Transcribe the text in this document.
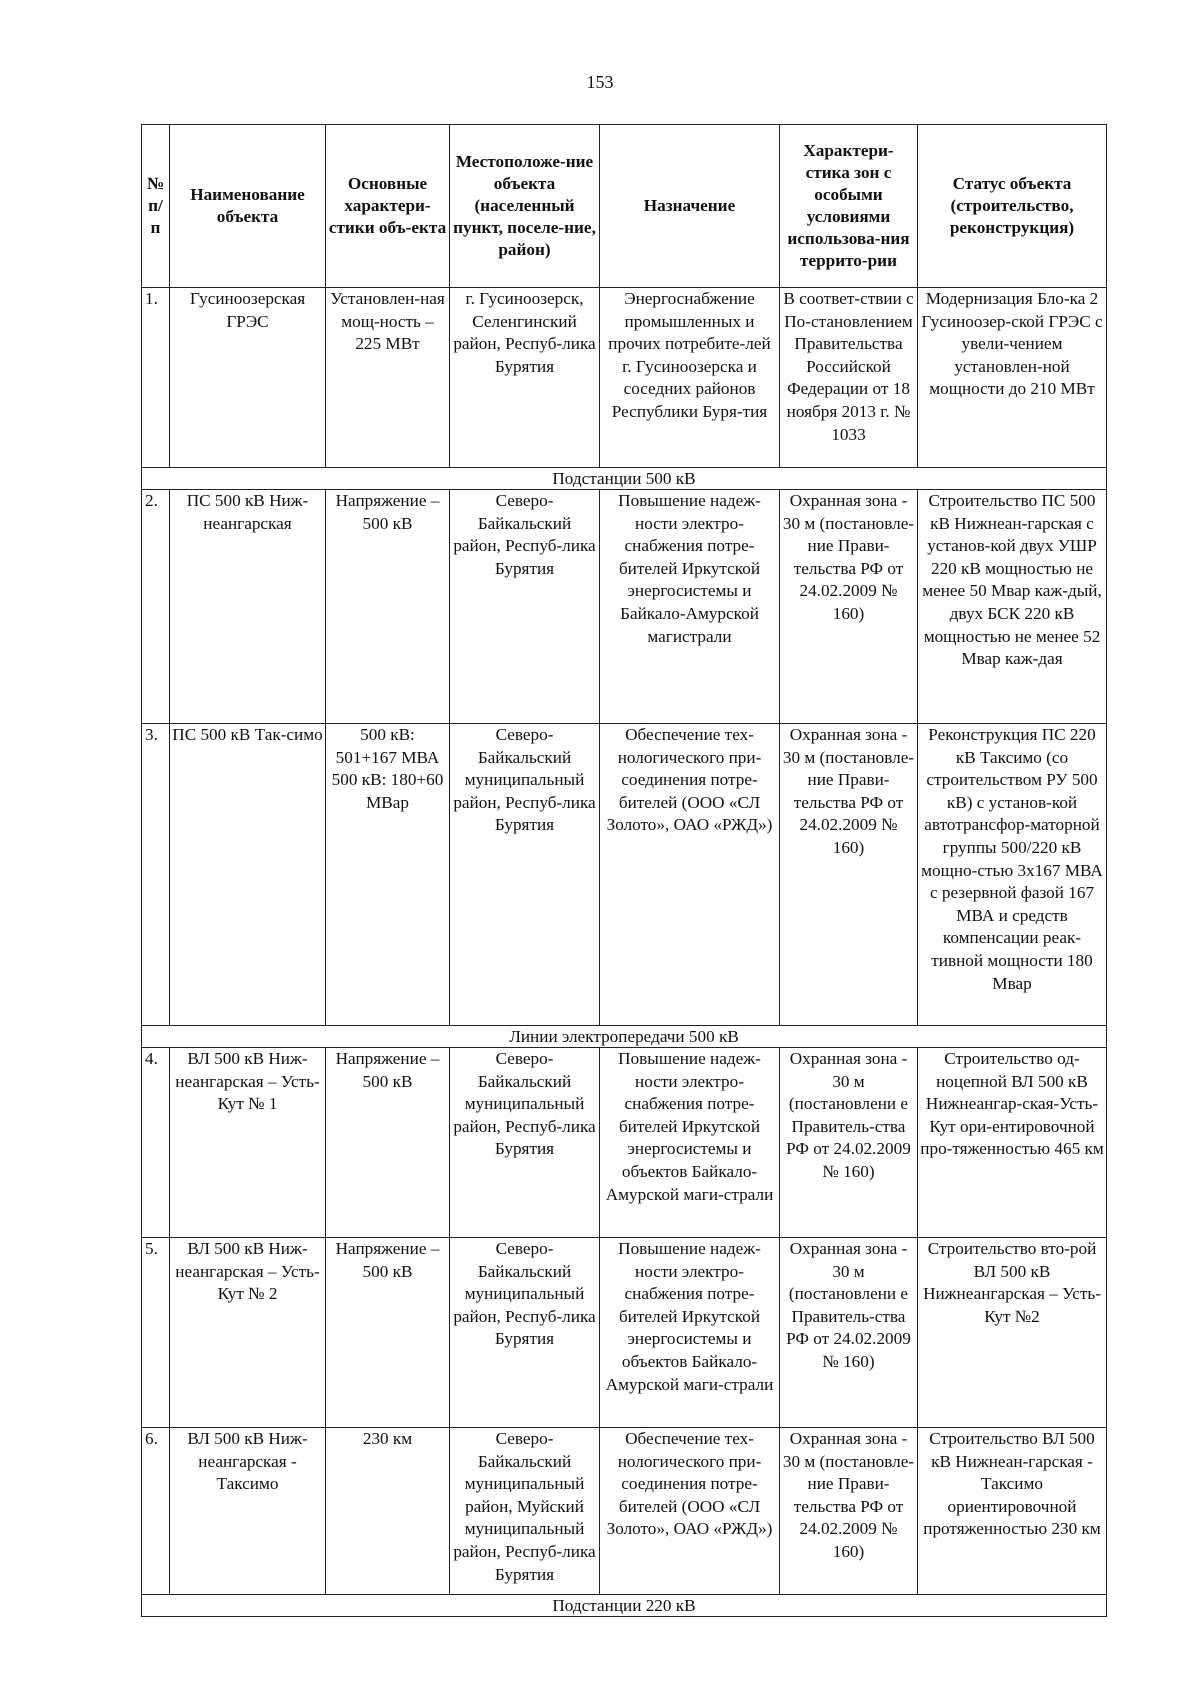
153
№
п/
п	Наименование объекта	Основные характери-стики объ-екта	Местоположе-ние объекта (населенный пункт, поселе-ние, район)	Назначение	Характери-стика зон с особыми условиями использова-ния террито-рии	Статус объекта (строительство, реконструкция)
1.	Гусиноозерская ГРЭС	Установлен-ная мощ-ность – 225 МВт	г. Гусиноозерск, Селенгинский район, Респуб-лика Бурятия	Энергоснабжение промышленных и прочих потребите-лей г. Гусиноозерска и соседних районов Республики Буря-тия	В соответ-ствии с По-становлением Правительства Российской Федерации от 18 ноября 2013 г. № 1033	Модернизация Бло-ка 2 Гусиноозер-ской ГРЭС с увели-чением установлен-ной мощности до 210 МВт
Подстанции 500 кВ						
2.	ПС 500 кВ Ниж-неангарская	Напряжение – 500 кВ	Северо-Байкальский район, Респуб-лика Бурятия	Повышение надеж-ности электро-снабжения потре-бителей Иркутской энергосистемы и Байкало-Амурской магистрали	Охранная зона - 30 м (постановле-ние Прави-тельства РФ от 24.02.2009 № 160)	Строительство ПС 500 кВ Нижнеан-гарская с установ-кой двух УШР 220 кВ мощностью не менее 50 Мвар каж-дый, двух БСК 220 кВ мощностью не менее 52 Мвар каж-дая
3.	ПС 500 кВ Так-симо	500 кВ: 501+167 МВА 500 кВ: 180+60 МВар	Северо-Байкальский муниципальный район, Респуб-лика Бурятия	Обеспечение тех-нологического при-соединения потре-бителей (ООО «СЛ Золото», ОАО «РЖД»)	Охранная зона - 30 м (постановле-ние Прави-тельства РФ от 24.02.2009 № 160)	Реконструкция ПС 220 кВ Таксимо (со строительством РУ 500 кВ) с установ-кой автотрансфор-маторной группы 500/220 кВ мощно-стью 3х167 МВА с резервной фазой 167 МВА и средств компенсации реак-тивной мощности 180 Мвар
Линии электропередачи 500 кВ						
4.	ВЛ 500 кВ Ниж-неангарская – Усть-Кут № 1	Напряжение – 500 кВ	Северо-Байкальский муниципальный район, Респуб-лика Бурятия	Повышение надеж-ности электро-снабжения потре-бителей Иркутской энергосистемы и объектов Байкало-Амурской маги-страли	Охранная зона - 30 м (постановлени е Правитель-ства РФ от 24.02.2009 № 160)	Строительство од-ноцепной ВЛ 500 кВ Нижнеангар-ская-Усть-Кут ори-ентировочной про-тяженностью 465 км
5.	ВЛ 500 кВ Ниж-неангарская – Усть-Кут № 2	Напряжение – 500 кВ	Северо-Байкальский муниципальный район, Респуб-лика Бурятия	Повышение надеж-ности электро-снабжения потре-бителей Иркутской энергосистемы и объектов Байкало-Амурской маги-страли	Охранная зона - 30 м (постановлени е Правитель-ства РФ от 24.02.2009 № 160)	Строительство вто-рой ВЛ 500 кВ Нижнеангарская – Усть-Кут №2
6.	ВЛ 500 кВ Ниж-неангарская - Таксимо	230 км	Северо-Байкальский муниципальный район, Муйский муниципальный район, Респуб-лика Бурятия	Обеспечение тех-нологического при-соединения потре-бителей (ООО «СЛ Золото», ОАО «РЖД»)	Охранная зона - 30 м (постановле-ние Прави-тельства РФ от 24.02.2009 № 160)	Строительство ВЛ 500 кВ Нижнеан-гарская - Таксимо ориентировочной протяженностью 230 км
Подстанции 220 кВ						
